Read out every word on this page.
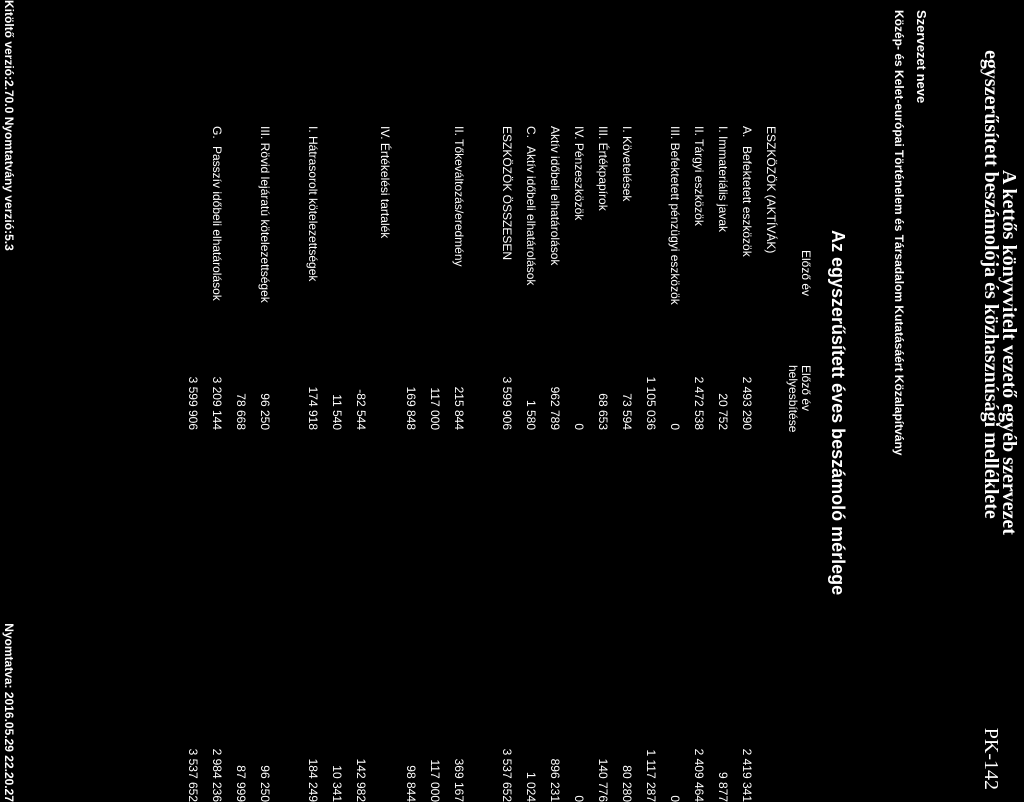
A kettős könyvvitelt vezető egyéb szervezet
egyszerűsített beszámolója és közhasznúsági melléklete
PK-142
Szervezet neve
Közép- és Kelet-európai Történelem és Társadalom Kutatásáért Közalapítvány
Az egyszerűsített éves beszámoló mérlege
Előző év
Előző év
helyesbítése
ESZKÖZÖK (AKTÍVÁK)
A.
Befektetett eszközök
2 493 290
2 419 341
I. Immateriális javak
20 752
9 877
II. Tárgyi eszközök
2 472 538
2 409 464
III. Befektetett pénzügyi eszközök
0
0
1 105 036
1 117 287
I. Követelések
73 594
80 280
III. Értékpapírok
68 653
140 776
IV. Pénzeszközök
0
0
Aktív időbeli elhatárolások
962 789
896 231
C.
Aktív időbeli elhatárolások
1 580
1 024
ESZKÖZÖK ÖSSZESEN
3 599 906
3 537 652
II. Tőkeváltozás/eredmény
215 844
369 167
117 000
117 000
169 848
98 844
IV. Értékelési tartalék
-82 544
142 982
11 540
10 341
I. Hátrasorolt kötelezettségek
174 918
184 249
III. Rövid lejáratú kötelezettségek
96 250
96 250
78 668
87 999
G.
Passzív időbeli elhatárolások
3 209 144
2 984 236
3 599 906
3 537 652
Kitöltő verzió:2.70.0 Nyomtatvány verzió:5.3
Nyomtatva: 2016.05.29 22.20.27
